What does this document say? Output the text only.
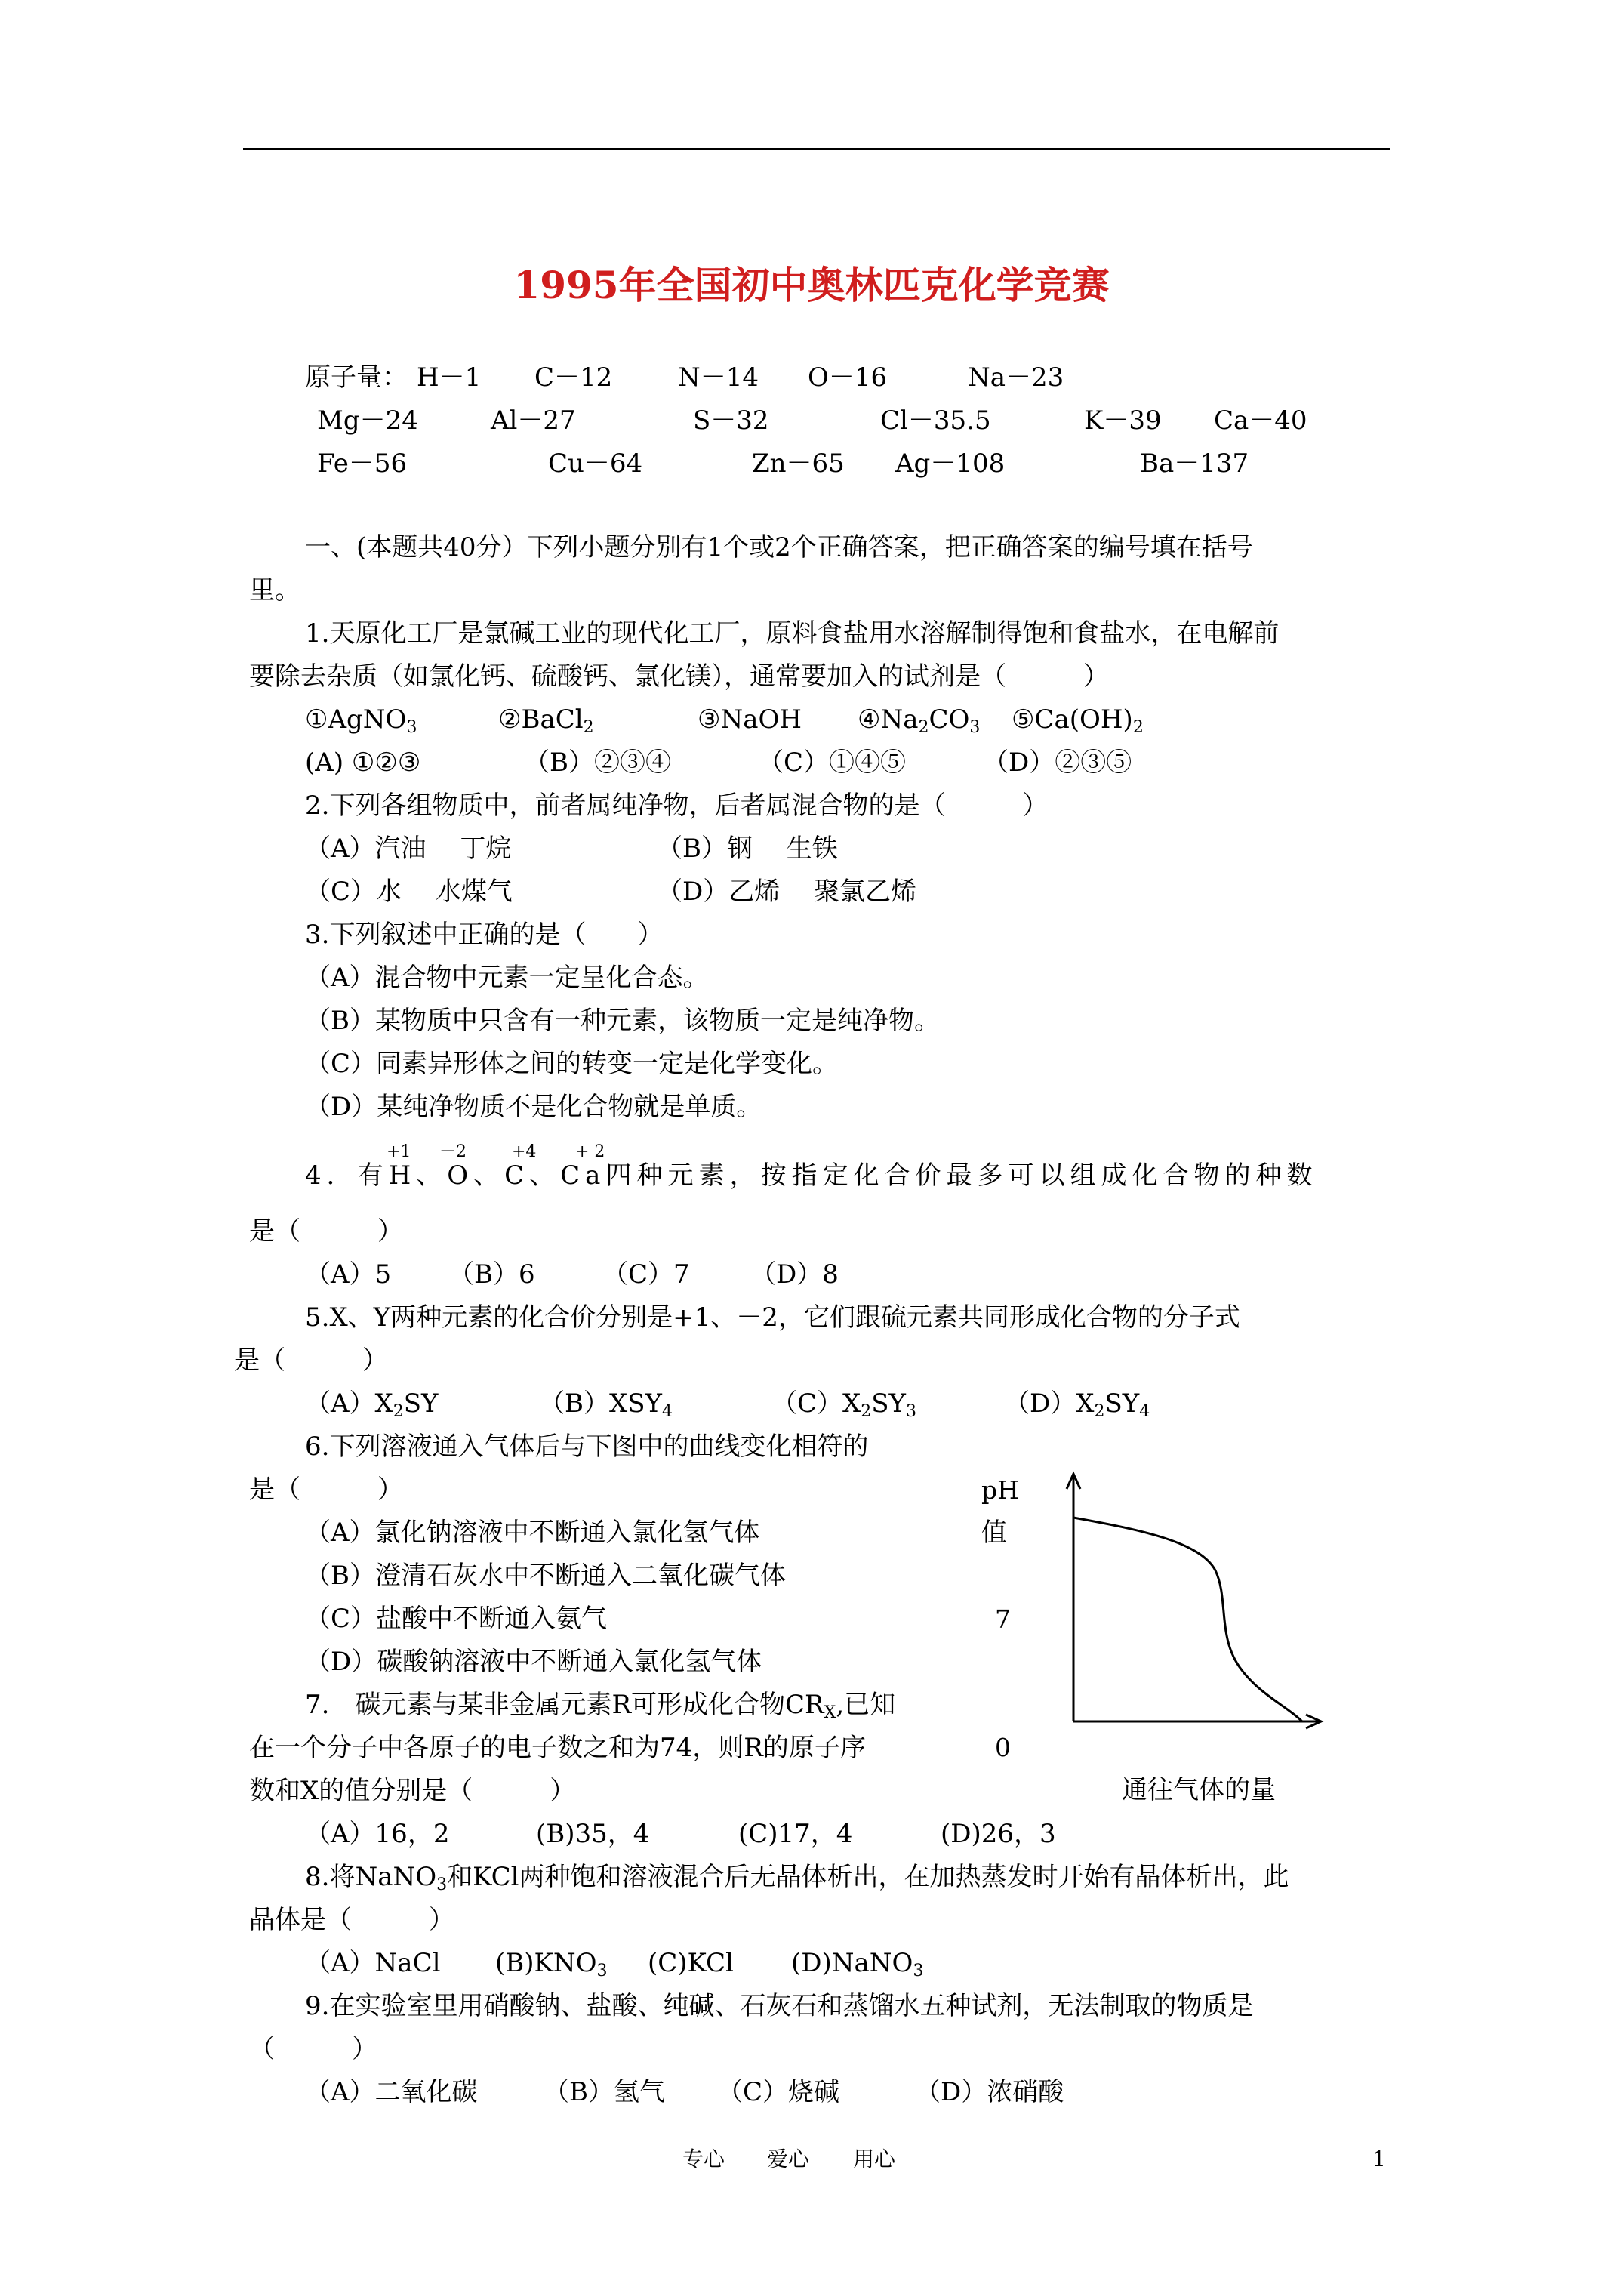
1995年全国初中奥林匹克化学竞赛
原子量： H－1 C－12	N－14 O－16	Na－23
Mg－24	Al－27	S－32	Cl－35.5	K－39 Ca－40
Fe－56	Cu－64	Zn－65 Ag－108	Ba－137
一、(本题共40分）下列小题分别有1个或2个正确答案，把正确答案的编号填在括号
里。
1.天原化工厂是氯碱工业的现代化工厂，原料食盐用水溶解制得饱和食盐水，在电解前
要除去杂质（如氯化钙、硫酸钙、氯化镁），通常要加入的试剂是（　　　）
①AgNO$_3$	②BaCl$_2$	③NaOH $④Na_2CO_3$ $⑤Ca(OH)_2$
(A) ①②③	（B）②③④	（C）①④⑤	（D）②③⑤
2.下列各组物质中，前者属纯净物，后者属混合物的是（　　　）
（A）汽油　 丁烷	（B）钢　 生铁
（C）水　 水煤气	（D）乙烯　 聚氯乙烯
3.下列叙述中正确的是（　　）
（A）混合物中元素一定呈化合态。
（B）某物质中只含有一种元素，该物质一定是纯净物。
（C）同素异形体之间的转变一定是化学变化。
（D）某纯净物质不是化合物就是单质。
+1 －2	+4 + 2
4．有H、O、C、Ca四种元素，按指定化合价最多可以组成化合物的种数
是（　　　）
（A）5 （B）6	（C）7 （D）8
5.X、Y两种元素的化合价分别是+1、－2，它们跟硫元素共同形成化合物的分子式
是（　　　）
$(A)X_2SY$	$(B)XSY_4$	$(C)X_2SY_3$	$(D)X_2SY_4$
6.下列溶液通入气体后与下图中的曲线变化相符的
是（　　　）
（A）氯化钠溶液中不断通入氯化氢气体
（B）澄清石灰水中不断通入二氧化碳气体
（C）盐酸中不断通入氨气
（D）碳酸钠溶液中不断通入氯化氢气体
pH
值
7
0
通往气体的量
7.　碳元素与某非金属元素R可形成化合物$CR_X$,已知
在一个分子中各原子的电子数之和为74，则R的原子序
数和X的值分别是（　　　）
（A）16，2	(B)35，4	(C)17，4	(D)26，3
8.将NaNO$_3$和KCl两种饱和溶液混合后无晶体析出，在加热蒸发时开始有晶体析出，此
晶体是（　　　）
（A）NaCl $(B)KNO_3$ (C)KCl (D)NaNO$_3$
9.在实验室里用硝酸钠、盐酸、纯碱、石灰石和蒸馏水五种试剂，无法制取的物质是
（　　　）
（A）二氧化碳	（B）氢气 （C）烧碱	（D）浓硝酸
专心 爱心 用心	1
